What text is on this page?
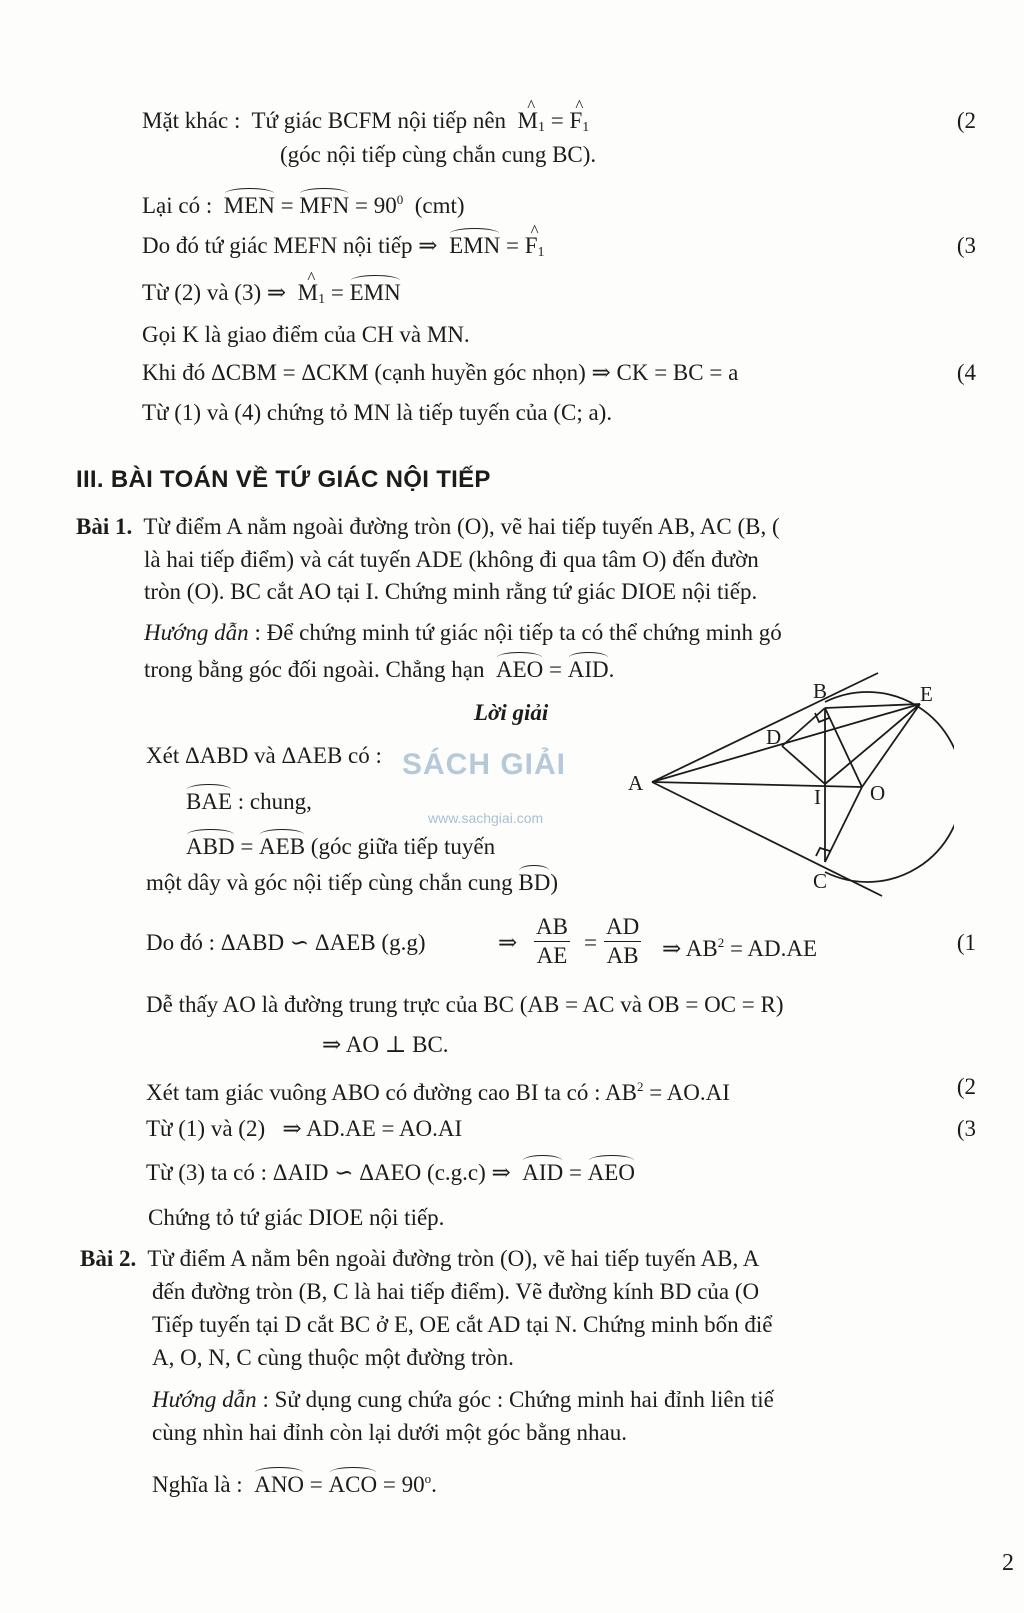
Mặt khác : Tứ giác BCFM nội tiếp nên ^ $M_1$ = ^ $F_1$	(2
(góc nội tiếp cùng chắn cung BC).
Lại có : MEN = MFN = $90^0$ (cmt)
Do đó tứ giác MEFN nội tiếp ⇒ EMN = ^ $F_1$	(3
Từ (2) và (3) ⇒ ^ $M_1$ = EMN
Gọi K là giao điểm của CH và MN.
Khi đó ΔCBM = ΔCKM (cạnh huyền góc nhọn) ⇒ CK = BC = a	(4
Từ (1) và (4) chứng tỏ MN là tiếp tuyến của (C; a).
III. BÀI TOÁN VỀ TỨ GIÁC NỘI TIẾP
Bài 1. Từ điểm A nằm ngoài đường tròn (O), vẽ hai tiếp tuyến AB, AC (B, (
là hai tiếp điểm) và cát tuyến ADE (không đi qua tâm O) đến đườn
tròn (O). BC cắt AO tại I. Chứng minh rằng tứ giác DIOE nội tiếp.
Hướng dẫn : Để chứng minh tứ giác nội tiếp ta có thể chứng minh gó
trong bằng góc đối ngoài. Chẳng hạn AEO = AID.
Lời giải
Xét ΔABD và ΔAEB có :
BAE : chung,
ABD = AEB (góc giữa tiếp tuyến
một dây và góc nội tiếp cùng chắn cung BD)
Do đó : ΔABD ∽ ΔAEB (g.g)	⇒ $\frac{AB}{AE} = \frac{AD}{AB}$ ⇒ $AB^2 = AD.AE$	(1
Dễ thấy AO là đường trung trực của BC (AB = AC và OB = OC = R)
⇒ AO ⊥ BC.
Xét tam giác vuông ABO có đường cao BI ta có : $AB^2 = AO.AI$	(2
Từ (1) và (2)   ⇒ AD.AE = AO.AI	(3
Từ (3) ta có : ΔAID ∽ ΔAEO (c.g.c) ⇒ AID = AEO
Chứng tỏ tứ giác DIOE nội tiếp.
SÁCH GIẢI
www.sachgiai.com
A
B
C
D
E
I O
Bài 2. Từ điểm A nằm bên ngoài đường tròn (O), vẽ hai tiếp tuyến AB, A
đến đường tròn (B, C là hai tiếp điểm). Vẽ đường kính BD của (O
Tiếp tuyến tại D cắt BC ở E, OE cắt AD tại N. Chứng minh bốn điể
A, O, N, C cùng thuộc một đường tròn.
Hướng dẫn : Sử dụng cung chứa góc : Chứng minh hai đỉnh liên tiế
cùng nhìn hai đỉnh còn lại dưới một góc bằng nhau.
Nghĩa là : ANO = ACO = $90^o$.
2
